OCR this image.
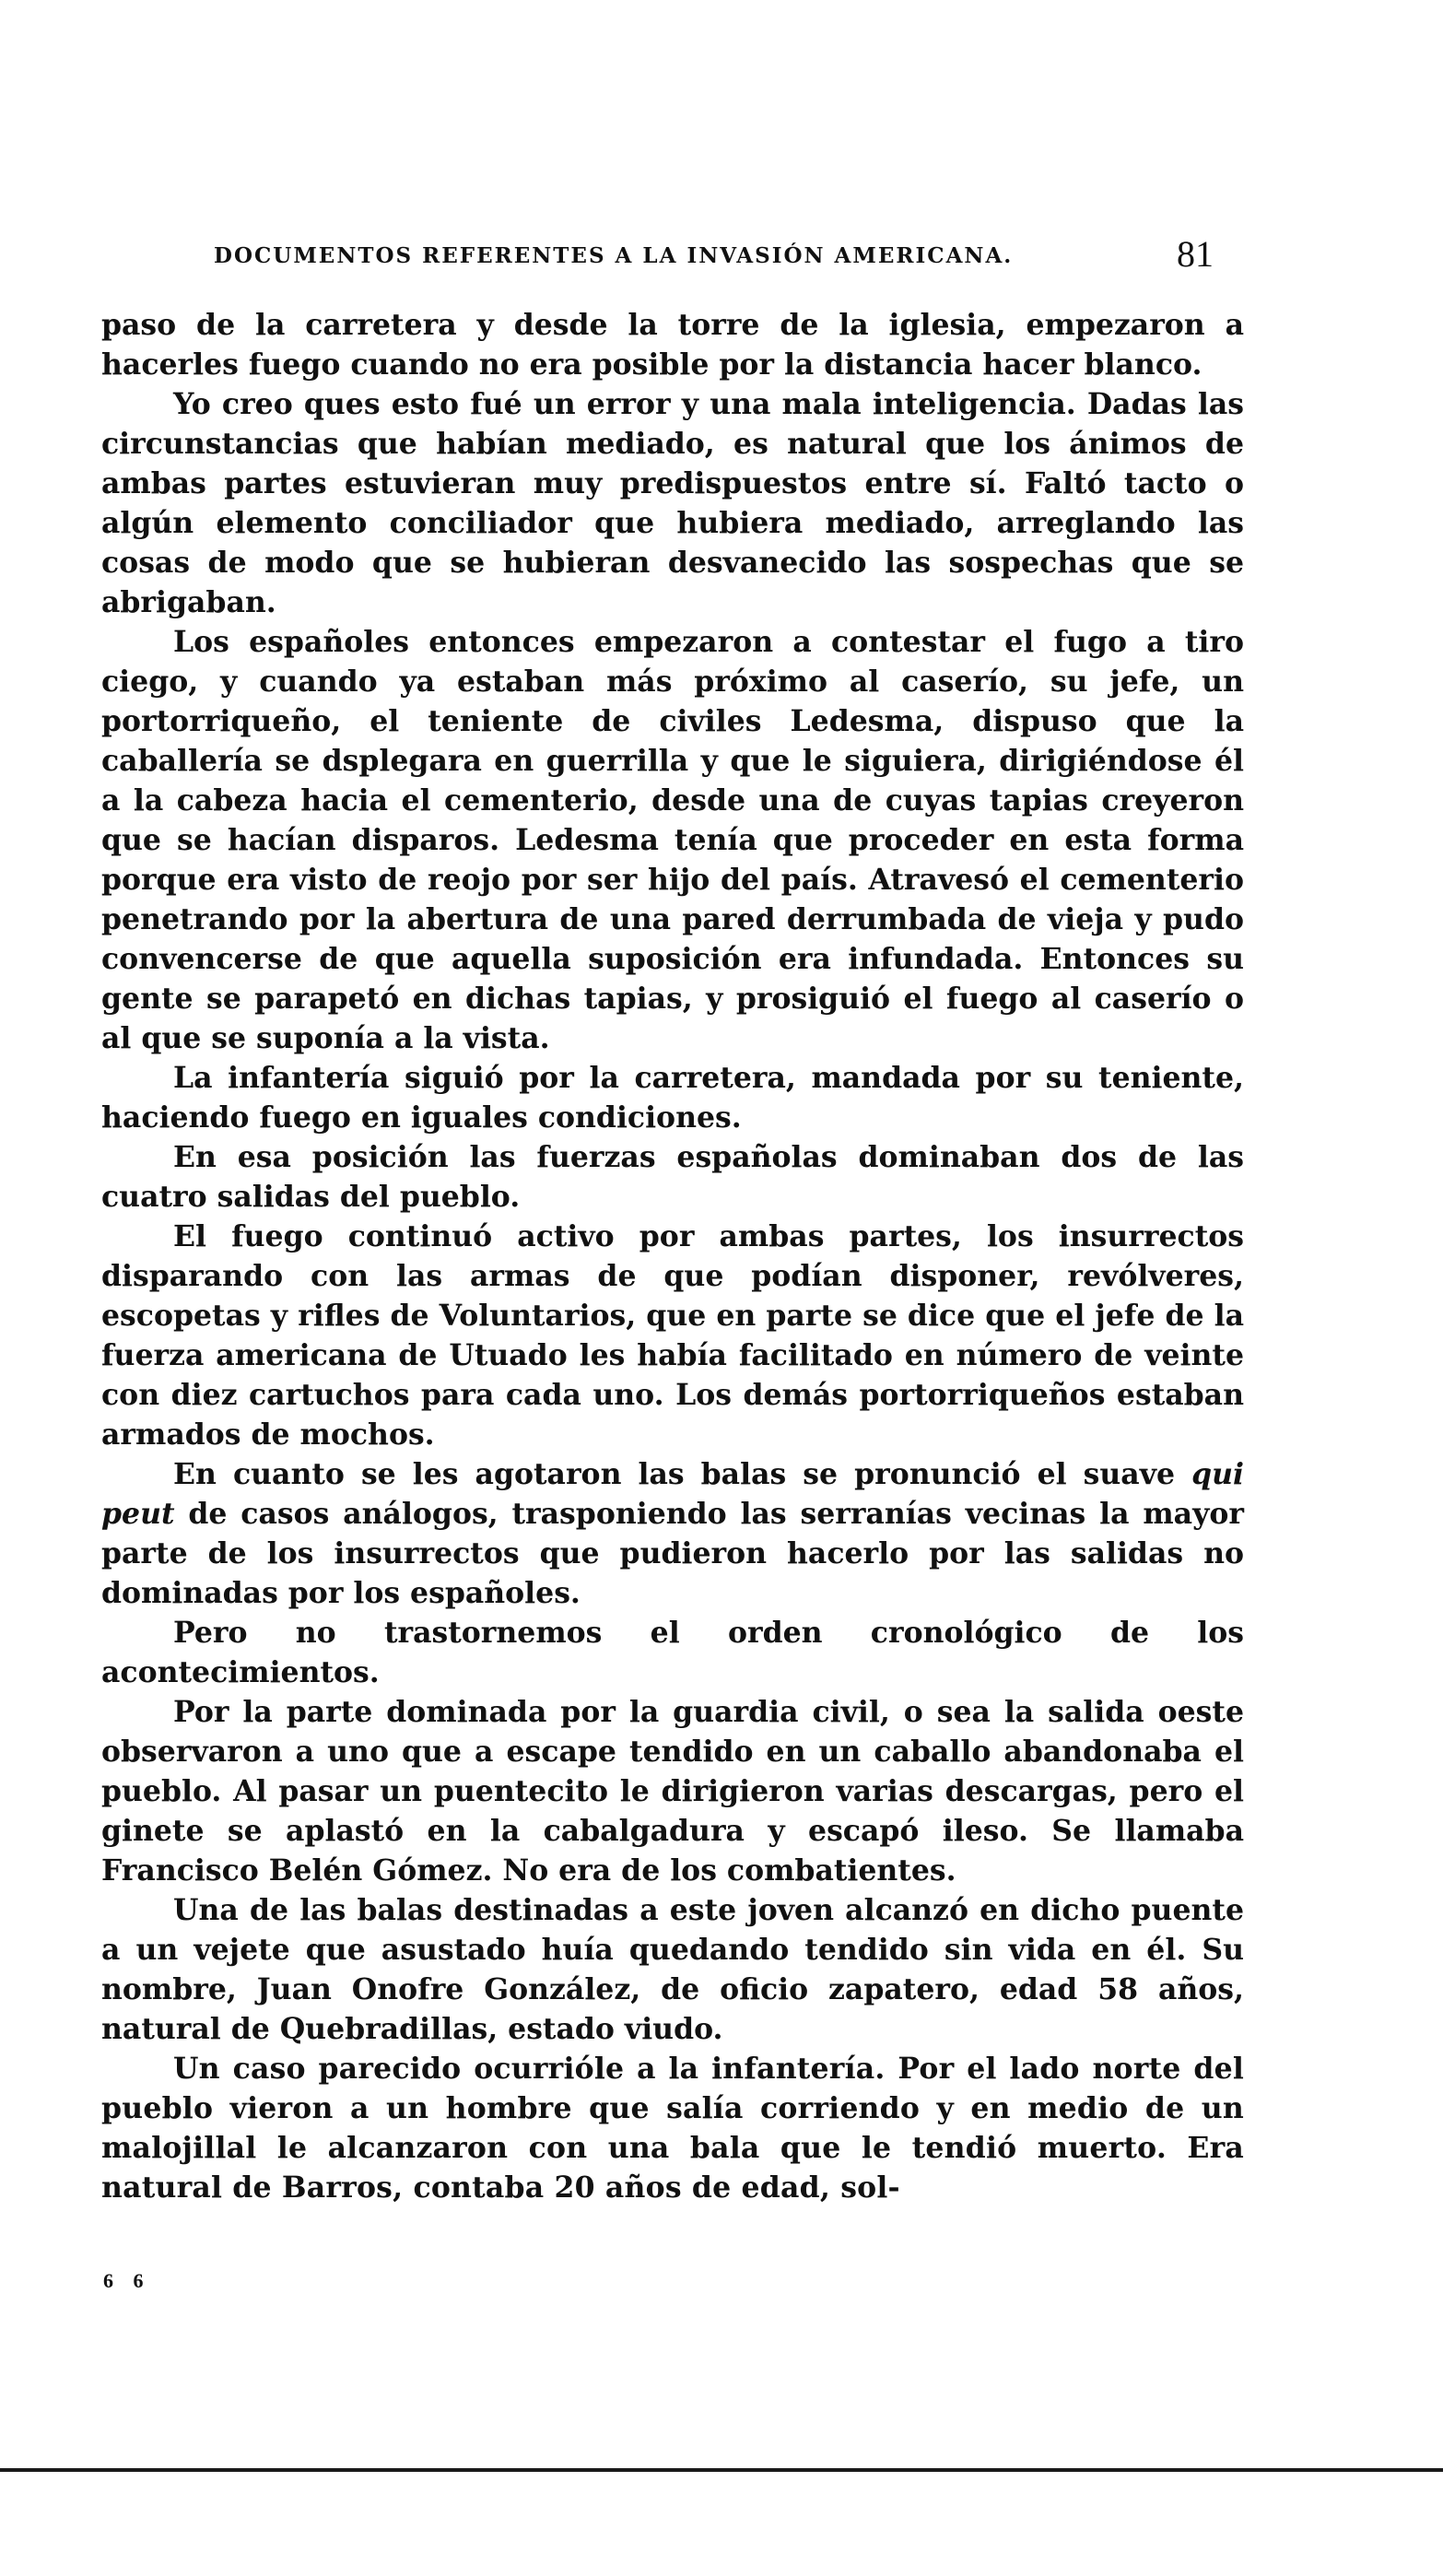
DOCUMENTOS REFERENTES A LA INVASIÓN AMERICANA.	81

paso de la carretera y desde la torre de la iglesia, empezaron a hacerles fuego cuando no era posible por la distancia hacer blanco.

Yo creo ques esto fué un error y una mala inteligencia. Dadas las circunstancias que habían mediado, es natural que los ánimos de ambas partes estuvieran muy predispuestos entre sí. Faltó tacto o algún elemento conciliador que hubiera mediado, arreglando las cosas de modo que se hubieran desvanecido las sospechas que se abrigaban.

Los españoles entonces empezaron a contestar el fugo a tiro ciego, y cuando ya estaban más próximo al caserío, su jefe, un portorriqueño, el teniente de civiles Ledesma, dispuso que la caballería se dsplegara en guerrilla y que le siguiera, dirigiéndose él a la cabeza hacia el cementerio, desde una de cuyas tapias creyeron que se hacían disparos. Ledesma tenía que proceder en esta forma porque era visto de reojo por ser hijo del país. Atravesó el cementerio penetrando por la abertura de una pared derrumbada de vieja y pudo convencerse de que aquella suposición era infundada. Entonces su gente se parapetó en dichas tapias, y prosiguió el fuego al caserío o al que se suponía a la vista.

La infantería siguió por la carretera, mandada por su teniente, haciendo fuego en iguales condiciones.

En esa posición las fuerzas españolas dominaban dos de las cuatro salidas del pueblo.

El fuego continuó activo por ambas partes, los insurrectos disparando con las armas de que podían disponer, revólveres, escopetas y rifles de Voluntarios, que en parte se dice que el jefe de la fuerza americana de Utuado les había facilitado en número de veinte con diez cartuchos para cada uno. Los demás portorriqueños estaban armados de mochos.

En cuanto se les agotaron las balas se pronunció el suave qui peut de casos análogos, trasponiendo las serranías vecinas la mayor parte de los insurrectos que pudieron hacerlo por las salidas no dominadas por los españoles.

Pero no trastornemos el orden cronológico de los acontecimientos.

Por la parte dominada por la guardia civil, o sea la salida oeste observaron a uno que a escape tendido en un caballo abandonaba el pueblo. Al pasar un puentecito le dirigieron varias descargas, pero el ginete se aplastó en la cabalgadura y escapó ileso. Se llamaba Francisco Belén Gómez. No era de los combatientes.

Una de las balas destinadas a este joven alcanzó en dicho puente a un vejete que asustado huía quedando tendido sin vida en él. Su nombre, Juan Onofre González, de oficio zapatero, edad 58 años, natural de Quebradillas, estado viudo.

Un caso parecido ocurrióle a la infantería. Por el lado norte del pueblo vieron a un hombre que salía corriendo y en medio de un malojillal le alcanzaron con una bala que le tendió muerto. Era natural de Barros, contaba 20 años de edad, sol-

6 6
